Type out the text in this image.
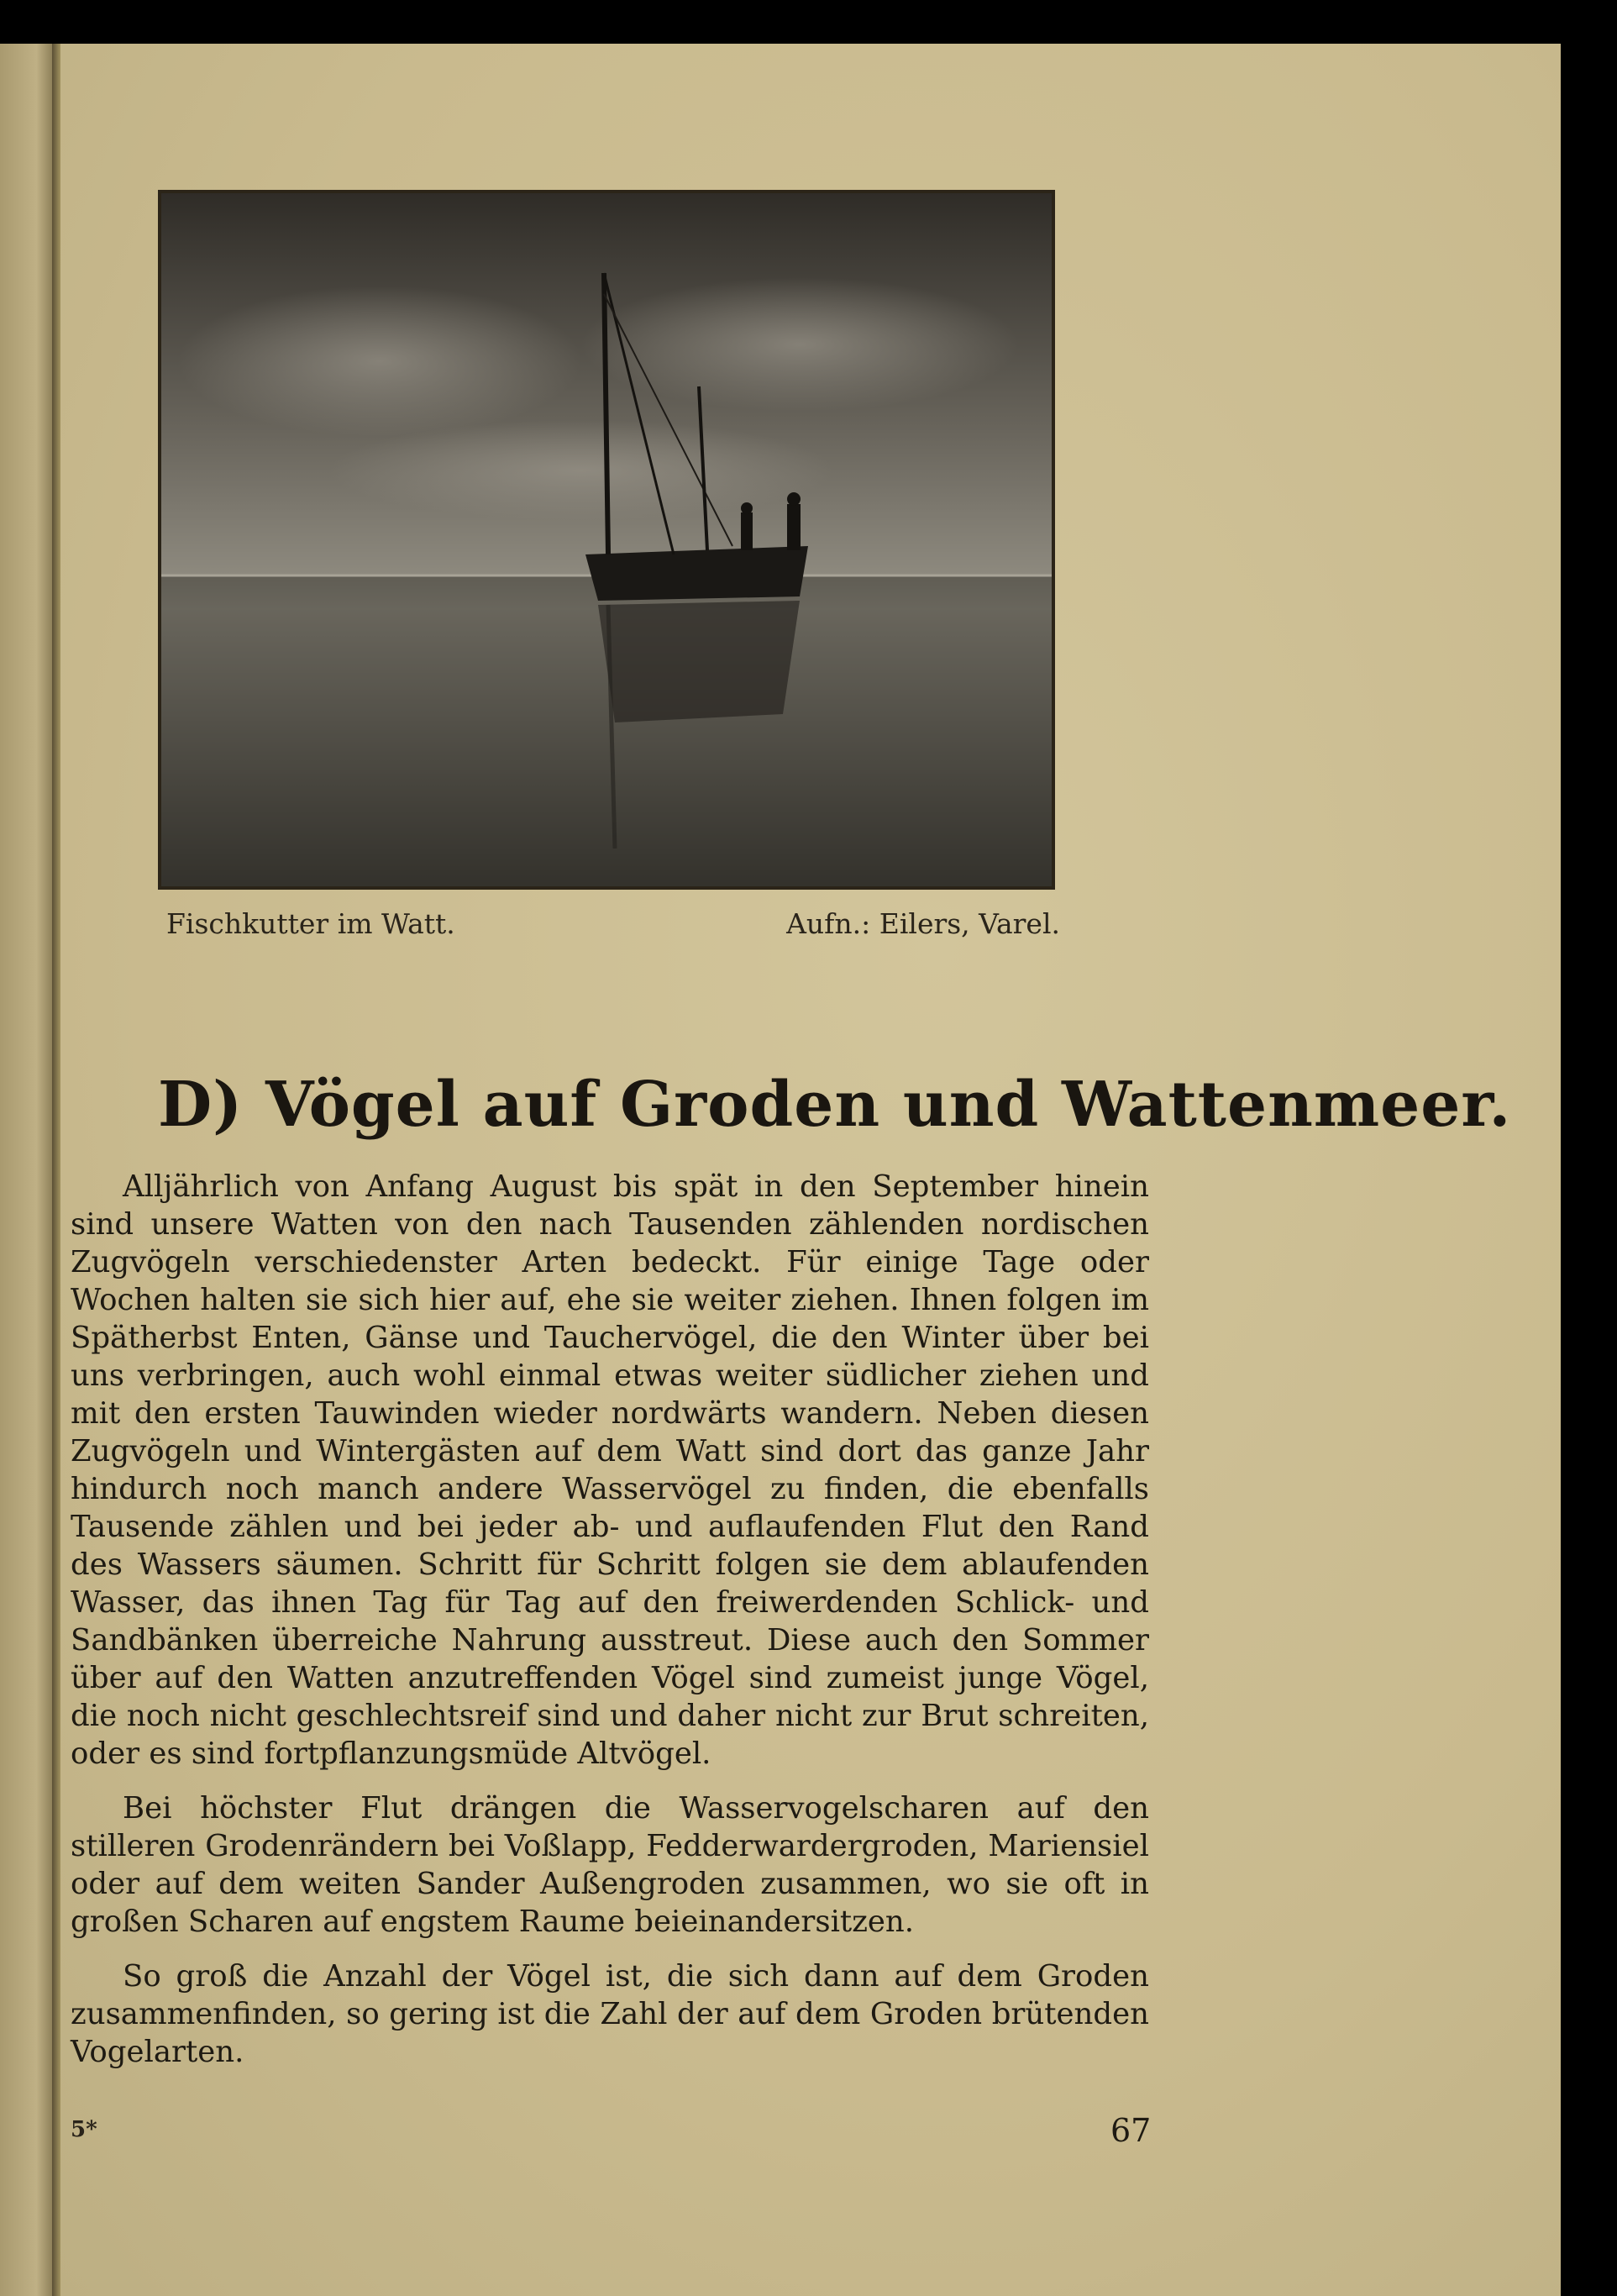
Fischkutter im Watt.	Aufn.: Eilers, Varel.
D) Vögel auf Groden und Wattenmeer.

Alljährlich von Anfang August bis spät in den September hinein sind unsere Watten von den nach Tausenden zählenden nordischen Zugvögeln verschiedenster Arten bedeckt. Für einige Tage oder Wochen halten sie sich hier auf, ehe sie weiter ziehen. Ihnen folgen im Spätherbst Enten, Gänse und Tauchervögel, die den Winter über bei uns verbringen, auch wohl einmal etwas weiter südlicher ziehen und mit den ersten Tauwinden wieder nordwärts wandern. Neben diesen Zugvögeln und Wintergästen auf dem Watt sind dort das ganze Jahr hindurch noch manch andere Wasservögel zu finden, die ebenfalls Tausende zählen und bei jeder ab- und auflaufenden Flut den Rand des Wassers säumen. Schritt für Schritt folgen sie dem ablaufenden Wasser, das ihnen Tag für Tag auf den freiwerdenden Schlick- und Sandbänken überreiche Nahrung ausstreut. Diese auch den Sommer über auf den Watten anzutreffenden Vögel sind zumeist junge Vögel, die noch nicht geschlechtsreif sind und daher nicht zur Brut schreiten, oder es sind fortpflanzungsmüde Altvögel.

Bei höchster Flut drängen die Wasservogelscharen auf den stilleren Grodenrändern bei Voßlapp, Fedderwardergroden, Mariensiel oder auf dem weiten Sander Außengroden zusammen, wo sie oft in großen Scharen auf engstem Raume beieinandersitzen.

So groß die Anzahl der Vögel ist, die sich dann auf dem Groden zusammenfinden, so gering ist die Zahl der auf dem Groden brütenden Vogelarten.

5*	67
